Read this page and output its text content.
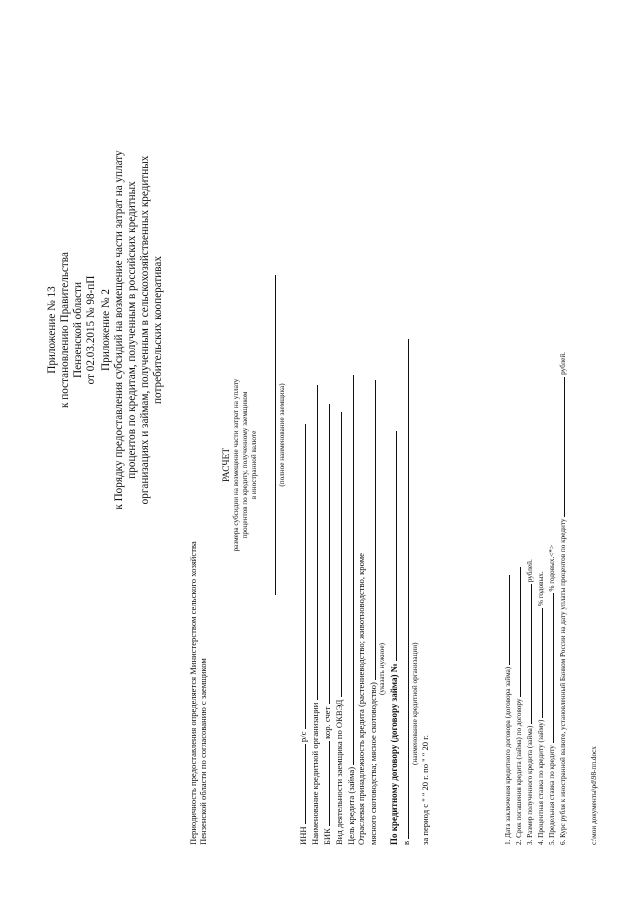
Приложение № 13 к постановлению Правительства Пензенской области от 02.03.2015 № 98-пП Приложение № 2 к Порядку предоставления субсидий на возмещение части затрат на уплату процентов по кредитам, полученным в российских кредитных организациях и займам, полученным в сельскохозяйственных кредитных потребительских кооперативах
Периодичность предоставления определяется Министерством сельского хозяйства Пензенской области по согласованию с заемщиком
РАСЧЕТ размера субсидии на возмещение части затрат на уплату процентов по кредиту, полученному заемщиком в иностранной валюте	(полное наименование заемщика)
ИНН  р/с Наименование кредитной организации БИК  кор. счет Вид деятельности заемщика по ОКВЭД Цель кредита (займа) Отраслевая принадлежность кредита (растениеводство; животноводство, кроме мясного скотоводства; мясное скотоводство)
(указать нужное) По кредитному договору (договору займа) № в
(наименование кредитной организации)
за период с " " 20 г. по " " 20 г.	1. Дата заключения кредитного договора (договора займа) 2. Срок погашения кредита (займа) по договору 3. Размер полученного кредита (займа)  рублей.
4. Процентная ставка по кредиту (займу)  % годовых.
5. Предельная ставка по кредиту  % годовых.<*> 6. Курс рубля к иностранной валюте, установленный Банком России на дату уплаты процентов по кредиту  рублей.
c:\мои документы\pd\98-пп.docx
